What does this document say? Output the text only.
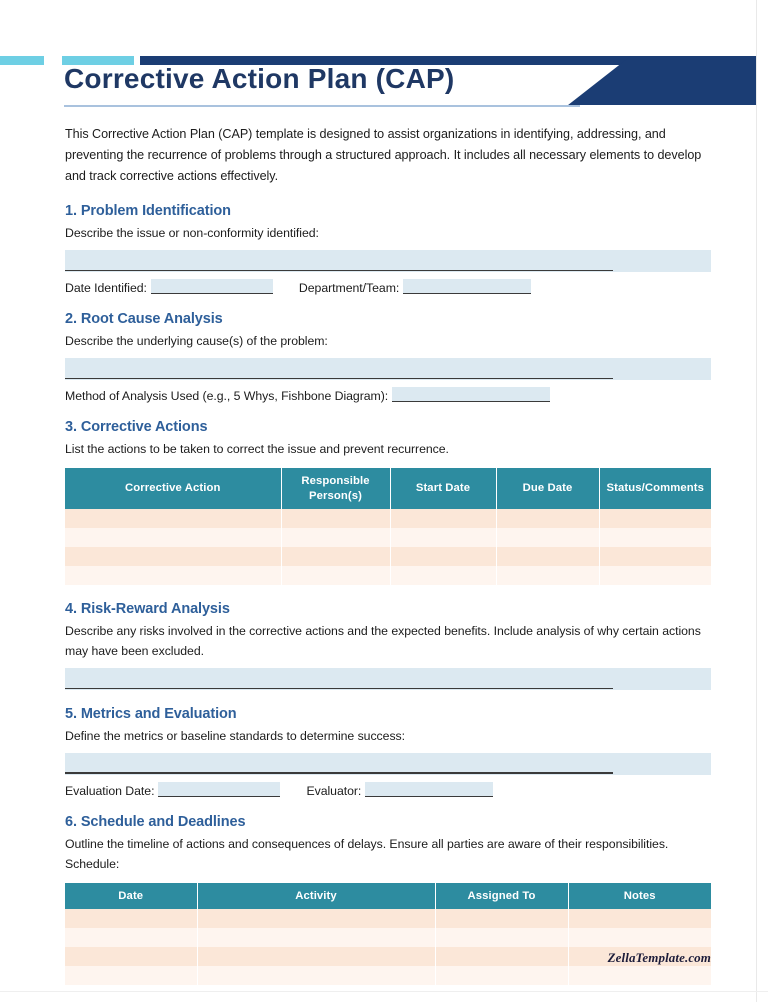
Corrective Action Plan (CAP)

This Corrective Action Plan (CAP) template is designed to assist organizations in identifying, addressing, and preventing the recurrence of problems through a structured approach. It includes all necessary elements to develop and track corrective actions effectively.

1. Problem Identification

Describe the issue or non-conformity identified:

Date Identified:	Department/Team:
2. Root Cause Analysis

Describe the underlying cause(s) of the problem:

Method of Analysis Used (e.g., 5 Whys, Fishbone Diagram):
3. Corrective Actions

List the actions to be taken to correct the issue and prevent recurrence.

Corrective Action	Responsible Person(s)	Start Date	Due Date	Status/Comments

4. Risk-Reward Analysis

Describe any risks involved in the corrective actions and the expected benefits. Include analysis of why certain actions may have been excluded.

5. Metrics and Evaluation

Define the metrics or baseline standards to determine success:

Evaluation Date:	Evaluator:
6. Schedule and Deadlines

Outline the timeline of actions and consequences of delays. Ensure all parties are aware of their responsibilities.

Schedule:

Date	Activity	Assigned To	Notes

ZellaTemplate.com
